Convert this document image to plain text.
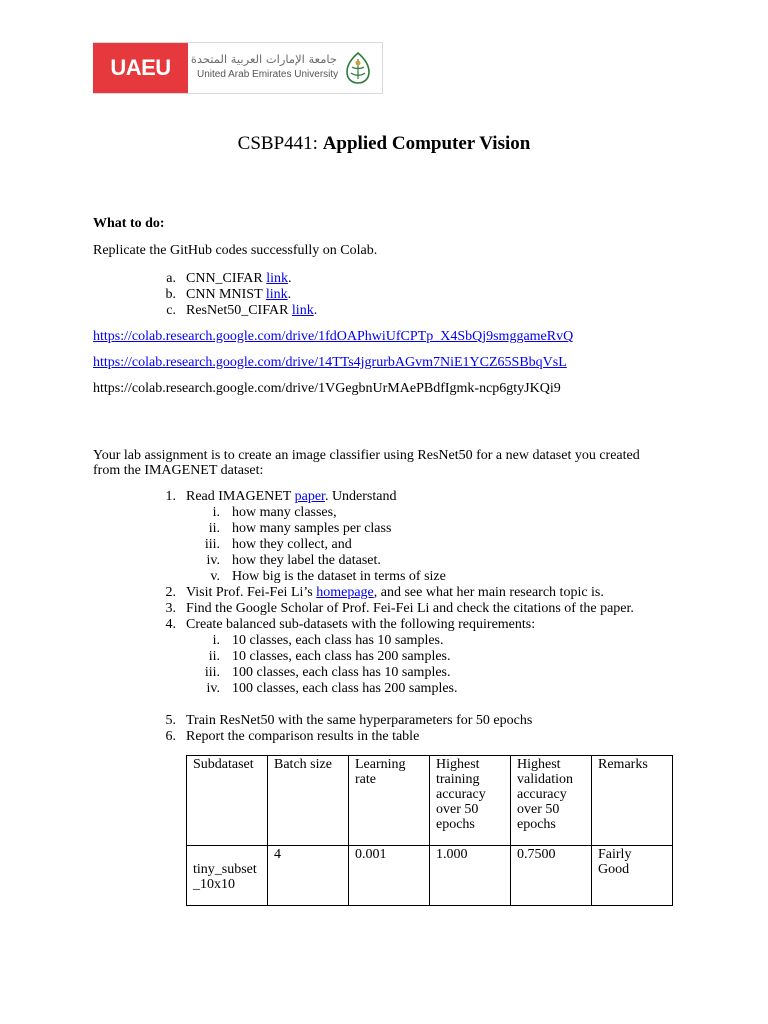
UAEU	جامعة الإمارات العربية المتحدة
United Arab Emirates University
CSBP441: Applied Computer Vision
What to do:
Replicate the GitHub codes successfully on Colab.
a. CNN_CIFAR link.
b. CNN MNIST link.
c. ResNet50_CIFAR link.
https://colab.research.google.com/drive/1fdOAPhwiUfCPTp_X4SbQj9smggameRvQ
https://colab.research.google.com/drive/14TTs4jgrurbAGvm7NiE1YCZ65SBbqVsL
https://colab.research.google.com/drive/1VGegbnUrMAePBdfIgmk-ncp6gtyJKQi9
Your lab assignment is to create an image classifier using ResNet50 for a new dataset you created
from the IMAGENET dataset:
1. Read IMAGENET paper. Understand
i. how many classes,
ii. how many samples per class
iii. how they collect, and
iv. how they label the dataset.
v. How big is the dataset in terms of size
2. Visit Prof. Fei-Fei Li’s homepage, and see what her main research topic is.
3. Find the Google Scholar of Prof. Fei-Fei Li and check the citations of the paper.
4. Create balanced sub-datasets with the following requirements:
i. 10 classes, each class has 10 samples.
ii. 10 classes, each class has 200 samples.
iii. 100 classes, each class has 10 samples.
iv. 100 classes, each class has 200 samples.
5. Train ResNet50 with the same hyperparameters for 50 epochs
6. Report the comparison results in the table
Subdataset	Batch size	Learning rate	Highest training accuracy over 50 epochs	Highest validation accuracy over 50 epochs	Remarks
tiny_subset _10x10	4	0.001	1.000	0.7500	Fairly Good
